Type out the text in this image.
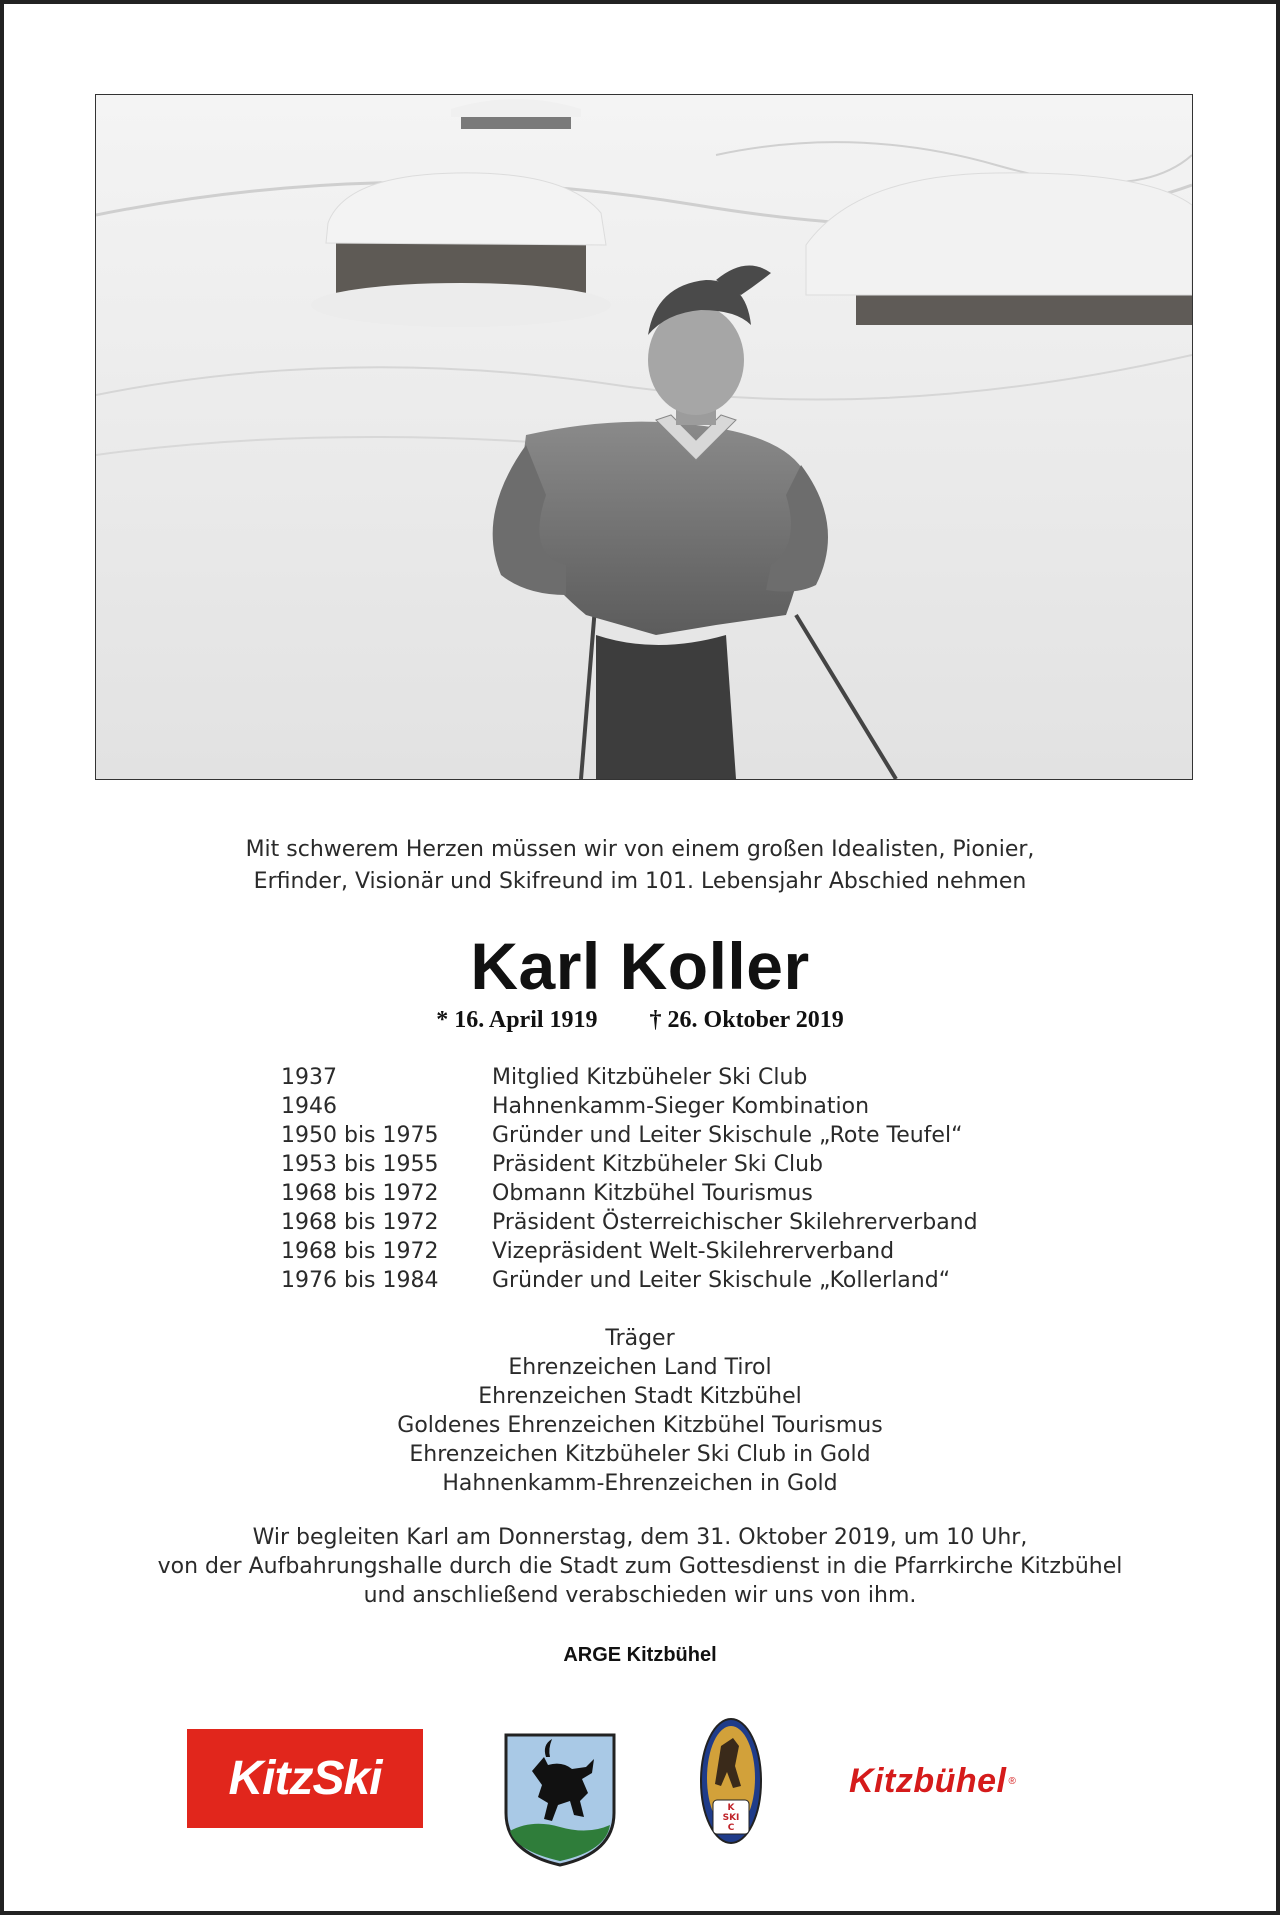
Mit schwerem Herzen müssen wir von einem großen Idealisten, Pionier,
Erfinder, Visionär und Skifreund im 101. Lebensjahr Abschied nehmen
Karl Koller
* 16. April 1919 † 26. Oktober 2019
1937	Mitglied Kitzbüheler Ski Club
1946	Hahnenkamm-Sieger Kombination
1950 bis 1975	Gründer und Leiter Skischule „Rote Teufel“
1953 bis 1955	Präsident Kitzbüheler Ski Club
1968 bis 1972	Obmann Kitzbühel Tourismus
1968 bis 1972	Präsident Österreichischer Skilehrerverband
1968 bis 1972	Vizepräsident Welt-Skilehrerverband
1976 bis 1984	Gründer und Leiter Skischule „Kollerland“
Träger
Ehrenzeichen Land Tirol
Ehrenzeichen Stadt Kitzbühel
Goldenes Ehrenzeichen Kitzbühel Tourismus
Ehrenzeichen Kitzbüheler Ski Club in Gold
Hahnenkamm-Ehrenzeichen in Gold
Wir begleiten Karl am Donnerstag, dem 31. Oktober 2019, um 10 Uhr,
von der Aufbahrungshalle durch die Stadt zum Gottesdienst in die Pfarrkirche Kitzbühel
und anschließend verabschieden wir uns von ihm.
ARGE Kitzbühel
KitzSki
K
SKI
C
Kitzbühel ®
